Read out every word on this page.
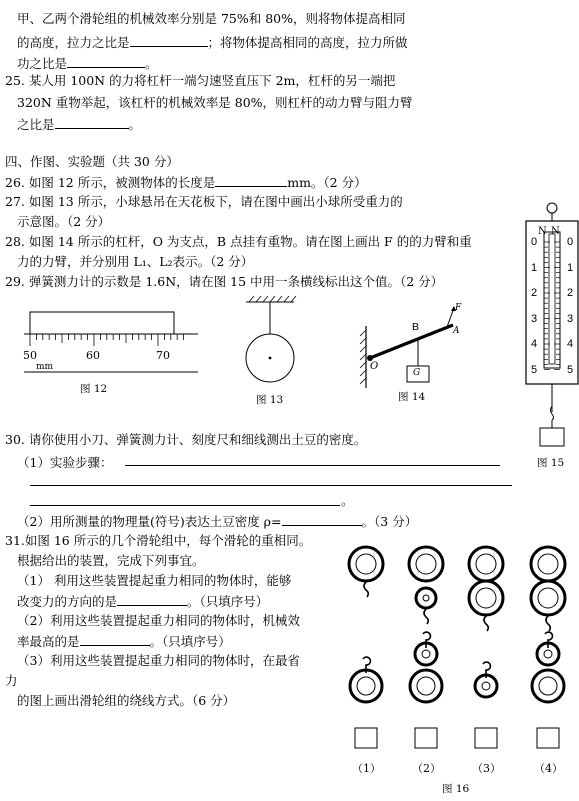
甲、乙两个滑轮组的机械效率分别是 75%和 80%，则将物体提高相同
的高度，拉力之比是	；将物体提高相同的高度，拉力所做
功之比是	。
25. 某人用 100N 的力将杠杆一端匀速竖直压下 2m，杠杆的另一端把
320N 重物举起，该杠杆的机械效率是 80%，则杠杆的动力臂与阻力臂
之比是	。
四、作图、实验题（共 30 分）
26. 如图 12 所示，被测物体的长度是	mm。（2 分）
27. 如图 13 所示，小球悬吊在天花板下，请在图中画出小球所受重力的
示意图。（2 分）
28. 如图 14 所示的杠杆，O 为支点，B 点挂有重物。请在图上画出 F 的的力臂和重
力的力臂，并分别用 L₁、L₂表示。（2 分）
29. 弹簧测力计的示数是 1.6N，请在图 15 中用一条横线标出这个值。（2 分）
50	60	70
mm
图 12
图 13
B
F
A
O
G
图 14
N N
0
1
2
3
4
5
0
1
2
3
4
5
图 15
30. 请你使用小刀、弹簧测力计、刻度尺和细线测出土豆的密度。
（1）实验步骤：
。
（2）用所测量的物理量(符号)表达土豆密度 ρ=	。（3 分）
31.如图 16 所示的几个滑轮组中，每个滑轮的重相同。
根据给出的装置，完成下列事宜。
（1） 利用这些装置提起重力相同的物体时，能够
改变力的方向的是	。（只填序号）
（2）利用这些装置提起重力相同的物体时，机械效
率最高的是	。（只填序号）
（3）利用这些装置提起重力相同的物体时，在最省
力
的图上画出滑轮组的绕线方式。（6 分）
（1）	（2）	（3）	（4）
图 16
